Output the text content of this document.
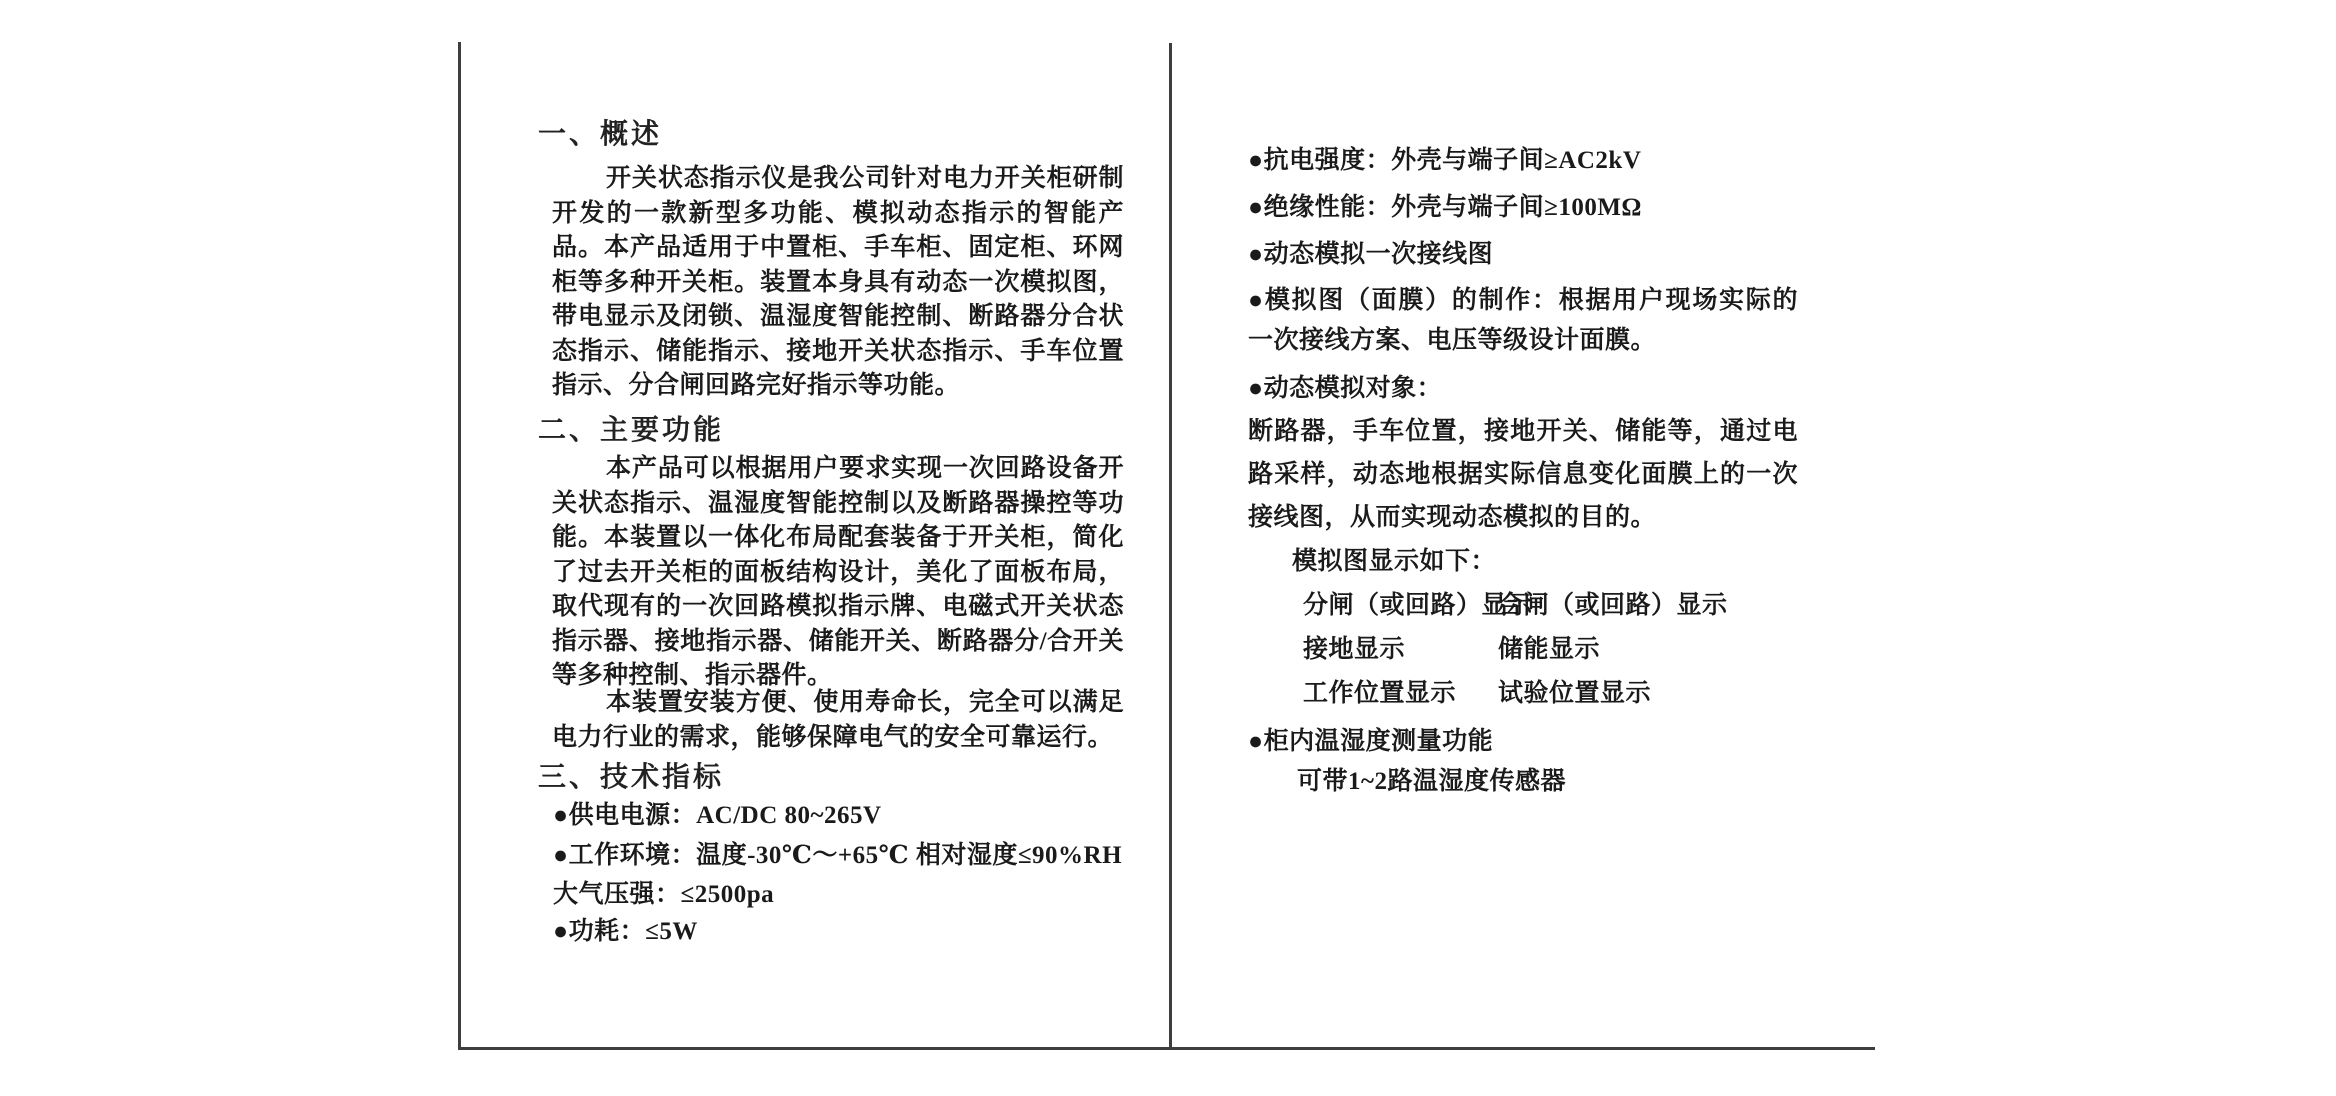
一、概述
开关状态指示仪是我公司针对电力开关柜研制开发的一款新型多功能、模拟动态指示的智能产品。本产品适用于中置柜、手车柜、固定柜、环网柜等多种开关柜。装置本身具有动态一次模拟图，带电显示及闭锁、温湿度智能控制、断路器分合状态指示、储能指示、接地开关状态指示、手车位置指示、分合闸回路完好指示等功能。
二、主要功能
本产品可以根据用户要求实现一次回路设备开关状态指示、温湿度智能控制以及断路器操控等功能。本装置以一体化布局配套装备于开关柜，简化了过去开关柜的面板结构设计，美化了面板布局，取代现有的一次回路模拟指示牌、电磁式开关状态指示器、接地指示器、储能开关、断路器分/合开关等多种控制、指示器件。
本装置安装方便、使用寿命长，完全可以满足电力行业的需求，能够保障电气的安全可靠运行。
三、技术指标
●供电电源：AC/DC 80~265V
●工作环境：温度-30℃～+65℃ 相对湿度≤90%RH
大气压强：≤2500pa
●功耗：≤5W
●抗电强度：外壳与端子间≥AC2kV
●绝缘性能：外壳与端子间≥100MΩ
●动态模拟一次接线图
●模拟图（面膜）的制作：根据用户现场实际的一次接线方案、电压等级设计面膜。
●动态模拟对象：
断路器，手车位置，接地开关、储能等，通过电路采样，动态地根据实际信息变化面膜上的一次接线图，从而实现动态模拟的目的。
模拟图显示如下：
分闸（或回路）显示
合闸（或回路）显示
接地显示	储能显示
工作位置显示 试验位置显示
●柜内温湿度测量功能
可带1~2路温湿度传感器
